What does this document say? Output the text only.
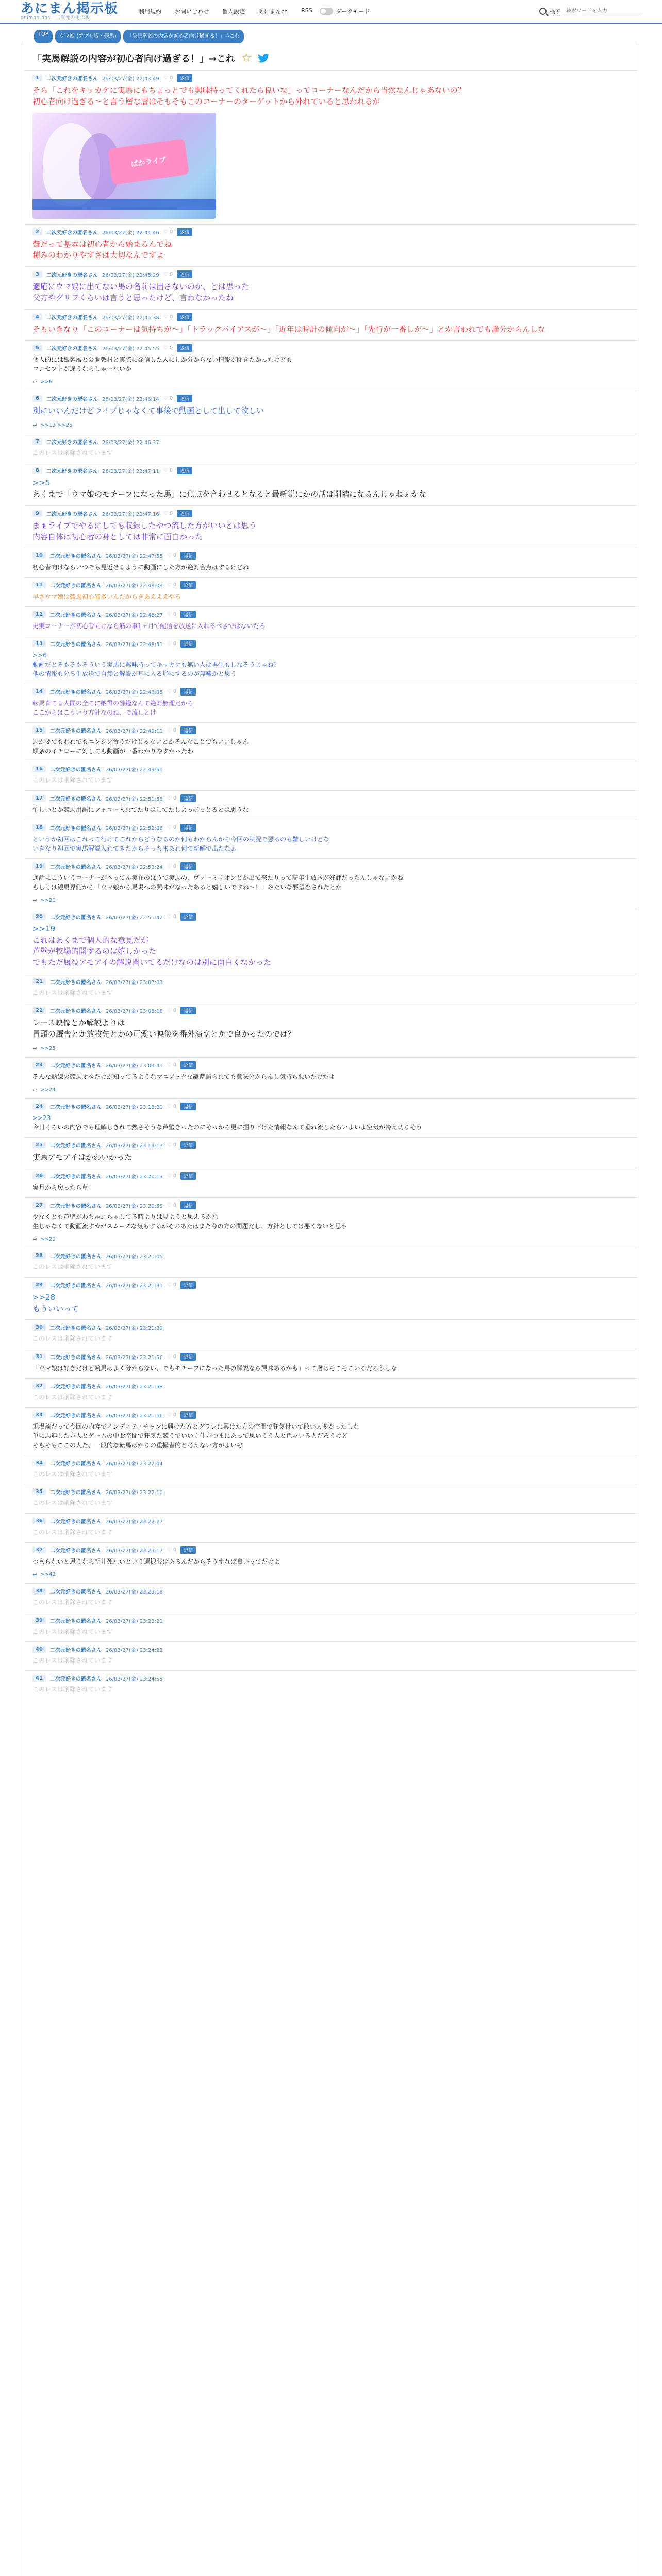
あにまん掲示板
animan bbs | 二次元の掲示板
利用規約 お問い合わせ 個人設定 あにまんch RSS	ダークモード	検索
検索ワードを入力
TOP	ウマ娘 (アプリ版・競馬)	「実馬解説の内容が初心者向け過ぎる！」→これ
「実馬解説の内容が初心者向け過ぎる！」→これ ☆
1	二次元好きの匿名さん 26/03/27(金) 22:43:49 ♡ 0	返信
そら「これをキッカケに実馬にもちょっとでも興味持ってくれたら良いな」ってコーナーなんだから当然なんじゃあないの？
初心者向け過ぎる～と言う層な層はそもそもこのコーナーのターゲットから外れていると思われるが
ぱかライブ
2	二次元好きの匿名さん 26/03/27(金) 22:44:46 ♡ 0	返信
難だって基本は初心者から始まるんでね
積みのわかりやすさは大切なんですよ
3	二次元好きの匿名さん 26/03/27(金) 22:45:29 ♡ 0	返信
適応にウマ娘に出てない馬の名前は出さないのか、とは思った
父方やグリフくらいは言うと思ったけど、言わなかったね
4	二次元好きの匿名さん 26/03/27(金) 22:45:38 ♡ 0	返信
そもいきなり「このコーナーは気持ちが～」「トラックバイアスが～」「近年は時計の傾向が～」「先行が一番しが～」とか言われても誰分からんしな
5	二次元好きの匿名さん 26/03/27(金) 22:45:55 ♡ 0	返信
個人的には観客層と公開教材と実際に発信した人にしか分からない情報が聞きたかったけども
コンセプトが違うならしゃーないか
↩ >>6
6	二次元好きの匿名さん 26/03/27(金) 22:46:14 ♡ 0	返信
別にいいんだけどライブじゃなくて事後で動画として出して欲しい
↩ >>13 >>26
7	二次元好きの匿名さん 26/03/27(金) 22:46:37
このレスは削除されています
8	二次元好きの匿名さん 26/03/27(金) 22:47:11 ♡ 0	返信
>>5
あくまで「ウマ娘のモチーフになった馬」に焦点を合わせるとなると最新鋭にかの話は削縮になるんじゃねぇかな
9	二次元好きの匿名さん 26/03/27(金) 22:47:16 ♡ 0	返信
まぁライブでやるにしても収録したやつ流した方がいいとは思う
内容自体は初心者の身としては非常に面白かった
10	二次元好きの匿名さん 26/03/27(金) 22:47:55 ♡ 0	返信
初心者向けならいつでも見返せるように動画にした方が絶対合点はするけどね
11	二次元好きの匿名さん 26/03/27(金) 22:48:08 ♡ 0	返信
早さウマ娘は競馬初心者多いんだからきあえええやろ
12	二次元好きの匿名さん 26/03/27(金) 22:48:27 ♡ 0	返信
史実コーナーが初心者向けなら筋の事1ヶ月で配信を放送に入れるべきではないだろ
13	二次元好きの匿名さん 26/03/27(金) 22:48:51 ♡ 0	返信
>>6
動画だとそもそもそういう実馬に興味持ってキッカケも無い人は再生もしなそうじゃね？
他の情報も分る生放送で自然と解説が耳に入る形にするのが無難かと思う
14	二次元好きの匿名さん 26/03/27(金) 22:48:05 ♡ 0	返信
転馬育てる人間の全てに納得の養鑑なんて絶対無理だから
ここからはこういう方針なのね、で流しとけ
15	二次元好きの匿名さん 26/03/27(金) 22:49:11 ♡ 0	返信
馬が要でもわれでもニンジン食うだけじゃないとかそんなことでもいいじゃん
順条のイチローに対しても動画が一番わかりやすかったわ
16	二次元好きの匿名さん 26/03/27(金) 22:49:51
このレスは削除されています
17	二次元好きの匿名さん 26/03/27(金) 22:51:58 ♡ 0	返信
忙しいとか競馬用語にフォロー入れてたりはしてたしよっぽっとるとは思うな
18	二次元好きの匿名さん 26/03/27(金) 22:52:06 ♡ 0	返信
というか初回はこれって行けてこれからどうなるのか何もわからんから今回の状況で悪るのも難しいけどな
いきなり初回で実馬解説入れてきたからそっちまあれ何で新鮮で出たなぁ
19	二次元好きの匿名さん 26/03/27(金) 22:53:24 ♡ 0	返信
通話にこういうコーナーがへってん実在のほうで実馬の、ヴァーミリオンとか出て来たりって高年生放送が好評だったんじゃないかね
もしくは観馬界側から「ウマ娘から馬場への興味がなったあると嬉しいですね～！」みたいな要望をされたとか
↩ >>20
20	二次元好きの匿名さん 26/03/27(金) 22:55:42 ♡ 0	返信
>>19
これはあくまで個人的な意見だが
芦壁が牧場的開するのは嬉しかった
でもただ厩役アモアイの解説聞いてるだけなのは別に面白くなかった
21	二次元好きの匿名さん 26/03/27(金) 23:07:03
このレスは削除されています
22	二次元好きの匿名さん 26/03/27(金) 23:08:18 ♡ 0	返信
レース映像とか解説よりは
冒頭の厩舎とか放牧先とかの可愛い映像を番外演すとかで良かったのでは？
↩ >>25
23	二次元好きの匿名さん 26/03/27(金) 23:09:41 ♡ 0	返信
そんな熱線の競馬オタだけが知ってるようなマニアックな蘊蓄語られても意味分からんし気持ち悪いだけだよ
↩ >>24
24	二次元好きの匿名さん 26/03/27(金) 23:18:00 ♡ 0	返信
>>23
今日くらいの内容でも理解しきれて熱さそうな芦壁きったのにそっから更に掘り下げた情報なんて垂れ流したらいよいよ空気が冷え切りそう
25	二次元好きの匿名さん 26/03/27(金) 23:19:13 ♡ 0	返信
実馬アモアイはかわいかった
26	二次元好きの匿名さん 26/03/27(金) 23:20:13 ♡ 0	返信
実月から戻ったら草
27	二次元好きの匿名さん 26/03/27(金) 23:20:58 ♡ 0	返信
少なくとも芦壁がわちゃわちゃしてる時よりは見ようと思えるかな
生じゃなくて動画流すカがスムーズな気もするがそのあたはまた今の方の問題だし、方針としては悪くないと思う
↩ >>29
28	二次元好きの匿名さん 26/03/27(金) 23:21:05
このレスは削除されています
29	二次元好きの匿名さん 26/03/27(金) 23:21:31 ♡ 0	返信
>>28
もういいって
30	二次元好きの匿名さん 26/03/27(金) 23:21:39
このレスは削除されています
31	二次元好きの匿名さん 26/03/27(金) 23:21:56 ♡ 0	返信
「ウマ娘は好きだけど競馬はよく分からない、でもモチーフになった馬の解説なら興味あるかも」って層はそこそこいるだろうしな
32	二次元好きの匿名さん 26/03/27(金) 23:21:58
このレスは削除されています
33	二次元好きの匿名さん 26/03/27(金) 23:21:56 ♡ 0	返信
現場前だって今回の内容でインディティチャンに興けた方とグランに興けた方の空間で狂気付いて敗い人多かったしな
単に馬連した方人とゲームの中お空間で狂気た競うでいいく仕方つまにあって思いうう人と色々いる人だろうけど
そもそもここの人た、一般的な転馬ばかりの重撮者的と考えない方がよいぞ
34	二次元好きの匿名さん 26/03/27(金) 23:22:04
このレスは削除されています
35	二次元好きの匿名さん 26/03/27(金) 23:22:10
このレスは削除されています
36	二次元好きの匿名さん 26/03/27(金) 23:22:27
このレスは削除されています
37	二次元好きの匿名さん 26/03/27(金) 23:23:17 ♡ 0	返信
つまらないと思うなら朝井死ないという選択肢はあるんだからそうすれば良いってだけよ
↩ >>42
38	二次元好きの匿名さん 26/03/27(金) 23:23:18
このレスは削除されています
39	二次元好きの匿名さん 26/03/27(金) 23:23:21
このレスは削除されています
40	二次元好きの匿名さん 26/03/27(金) 23:24:22
このレスは削除されています
41	二次元好きの匿名さん 26/03/27(金) 23:24:55
このレスは削除されています
